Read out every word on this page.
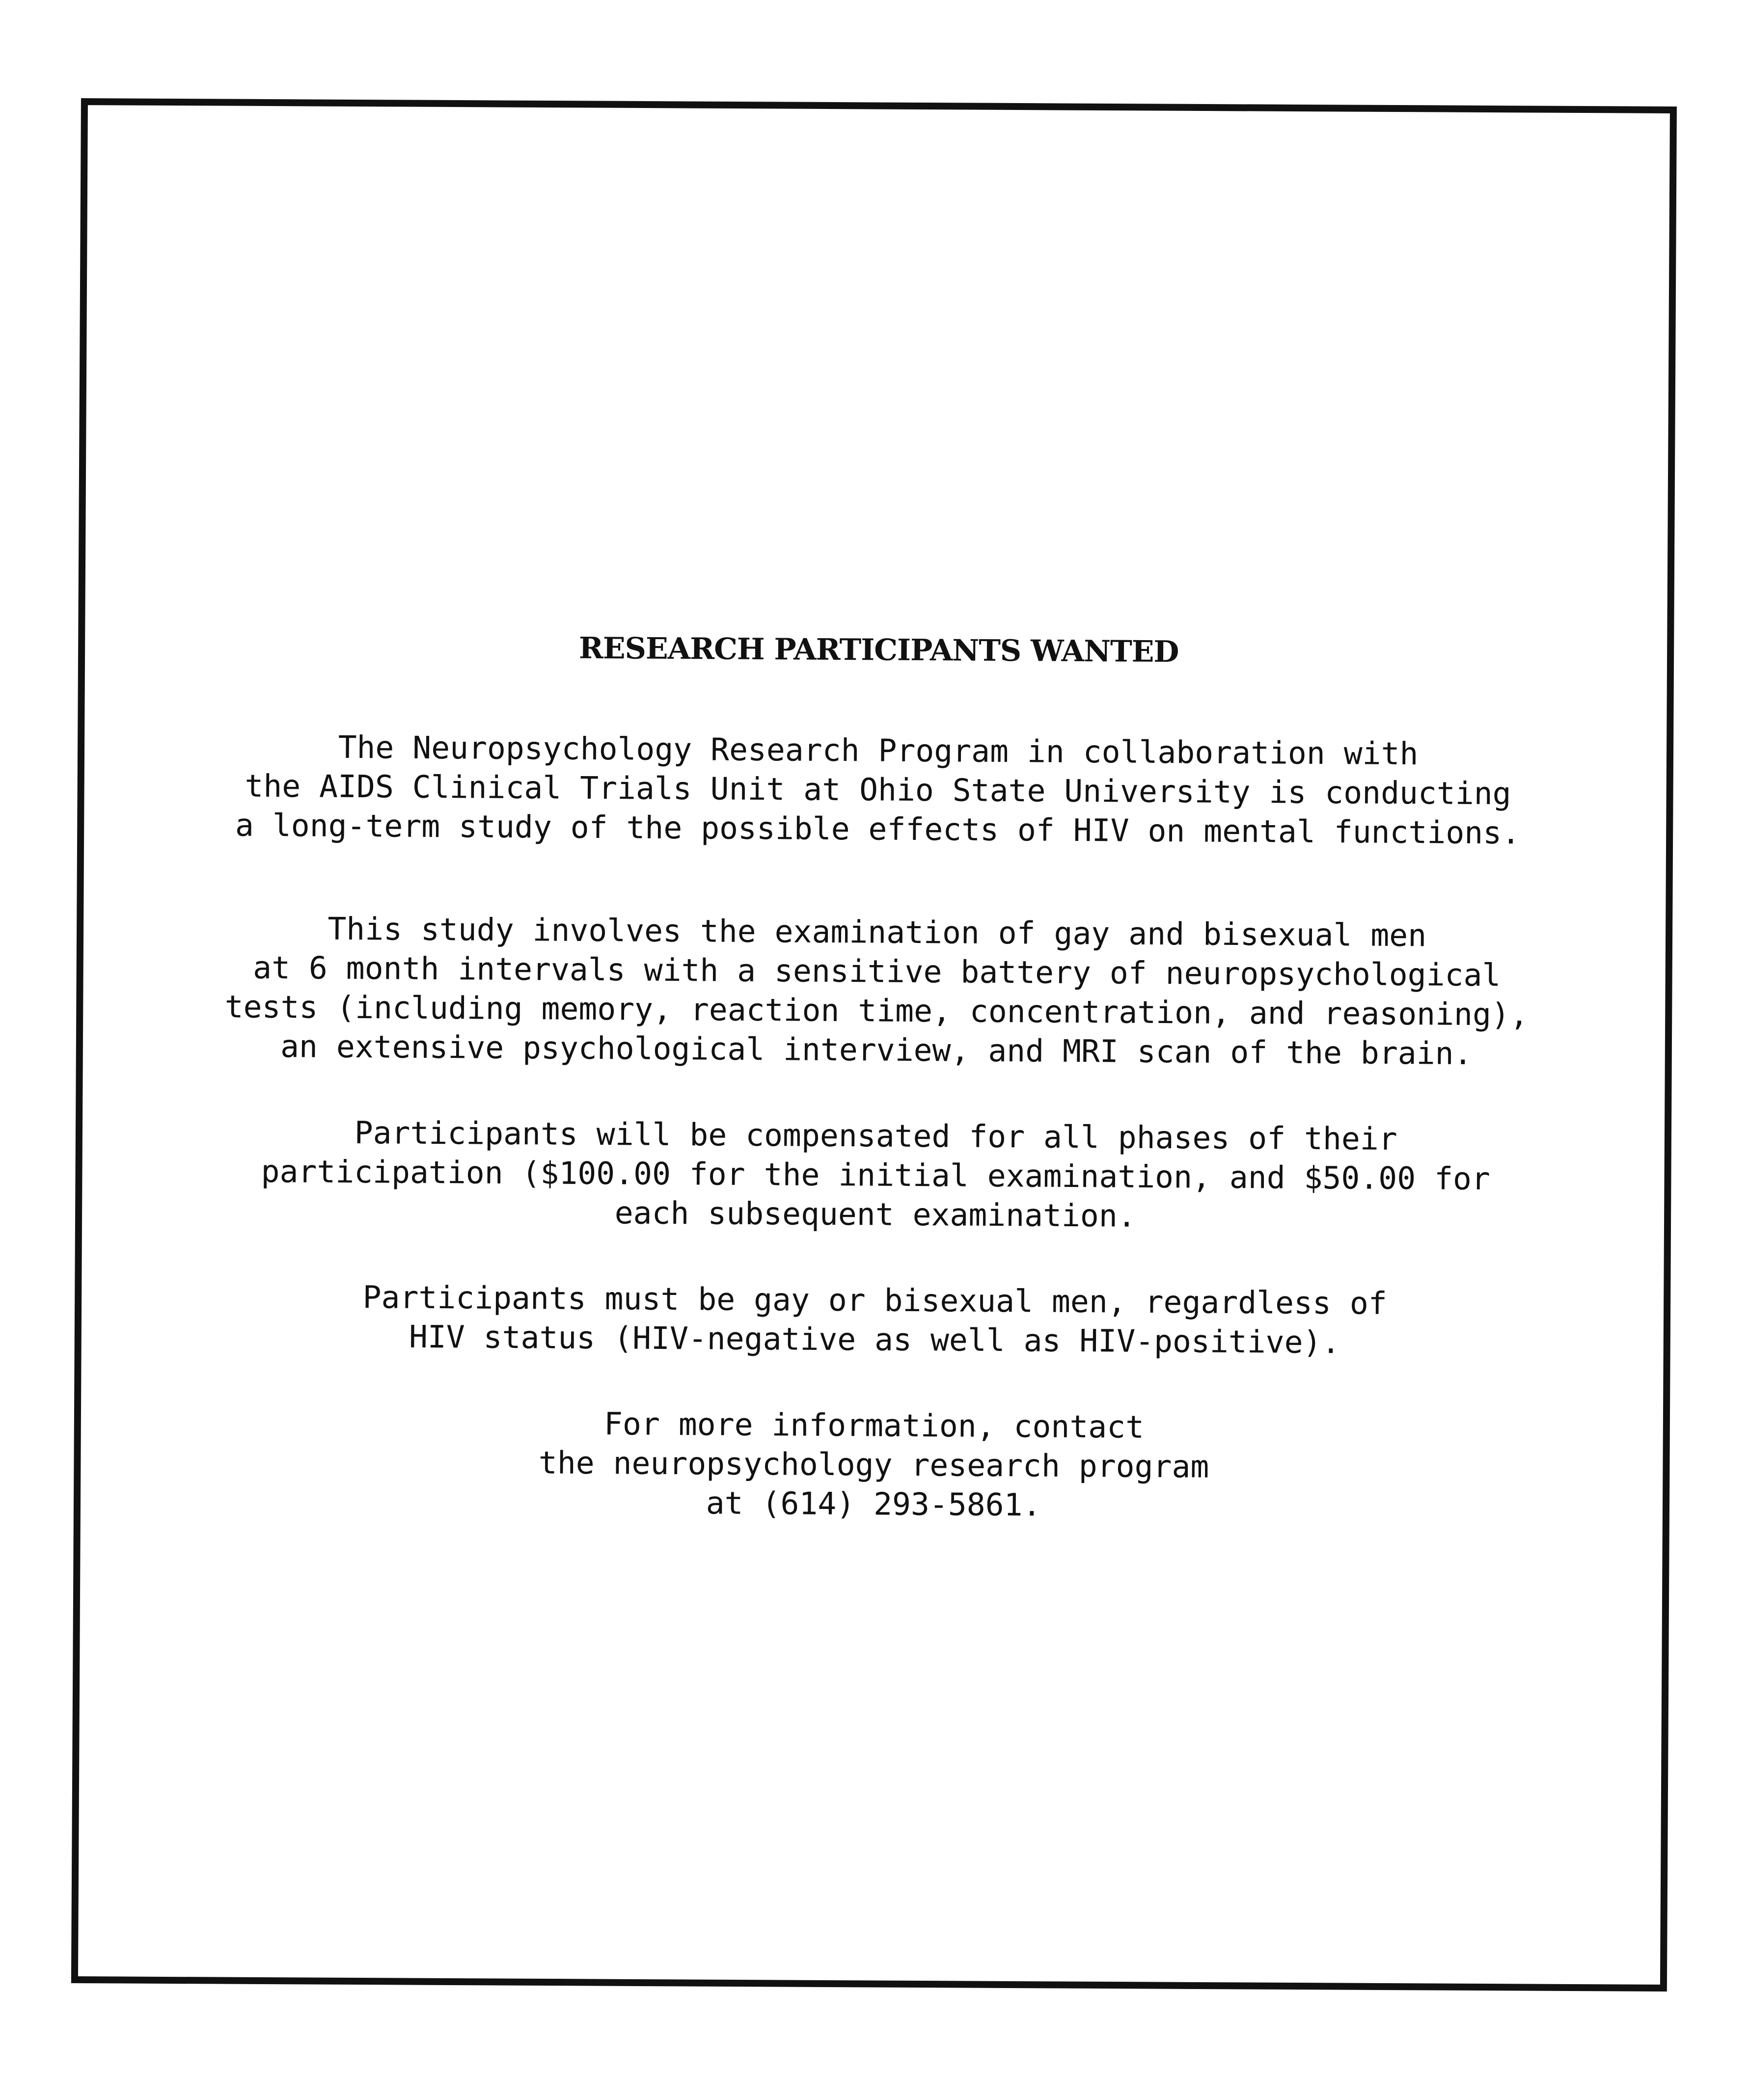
RESEARCH PARTICIPANTS WANTED

The Neuropsychology Research Program in collaboration with
the AIDS Clinical Trials Unit at Ohio State University is conducting
a long-term study of the possible effects of HIV on mental functions.

This study involves the examination of gay and bisexual men
at 6 month intervals with a sensitive battery of neuropsychological
tests (including memory, reaction time, concentration, and reasoning),
an extensive psychological interview, and MRI scan of the brain.

Participants will be compensated for all phases of their
participation ($100.00 for the initial examination, and $50.00 for
each subsequent examination.

Participants must be gay or bisexual men, regardless of
HIV status (HIV-negative as well as HIV-positive).

For more information, contact
the neuropsychology research program
at (614) 293-5861.
